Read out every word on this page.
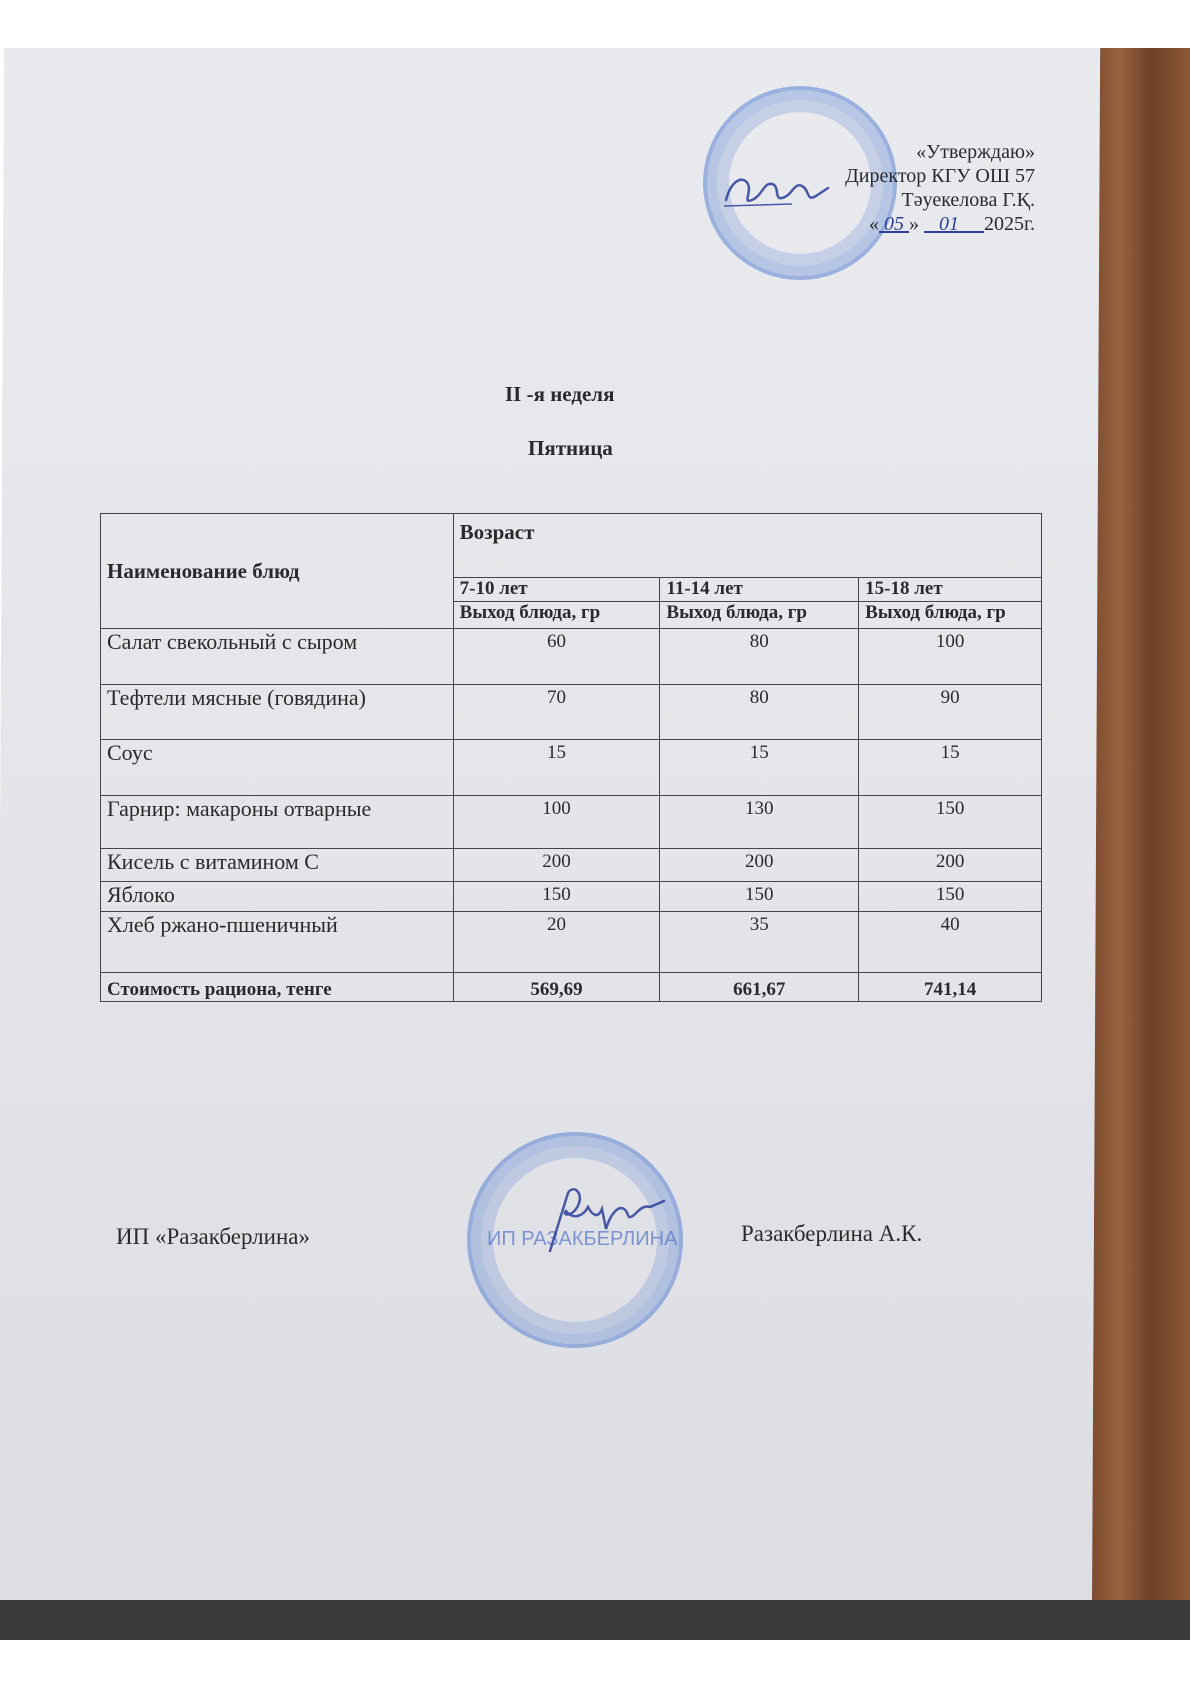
«Утверждаю»
Директор КГУ ОШ 57
Тәуекелова Г.Қ.
« 05 »    01 2025г.
II -я неделя
Пятница
Наименование блюд	Возраст		
	7-10 лет	11-14 лет	15-18 лет
	Выход блюда, гр	Выход блюда, гр	Выход блюда, гр
Салат свекольный с сыром	60	80	100
Тефтели мясные (говядина)	70	80	90
Соус	15	15	15
Гарнир: макароны отварные	100	130	150
Кисель с витамином С	200	200	200
Яблоко	150	150	150
Хлеб ржано-пшеничный	20	35	40
Стоимость рациона, тенге	569,69	661,67	741,14
ИП «Разакберлина»	ИП РАЗАКБЕРЛИНА	Разакберлина А.К.
